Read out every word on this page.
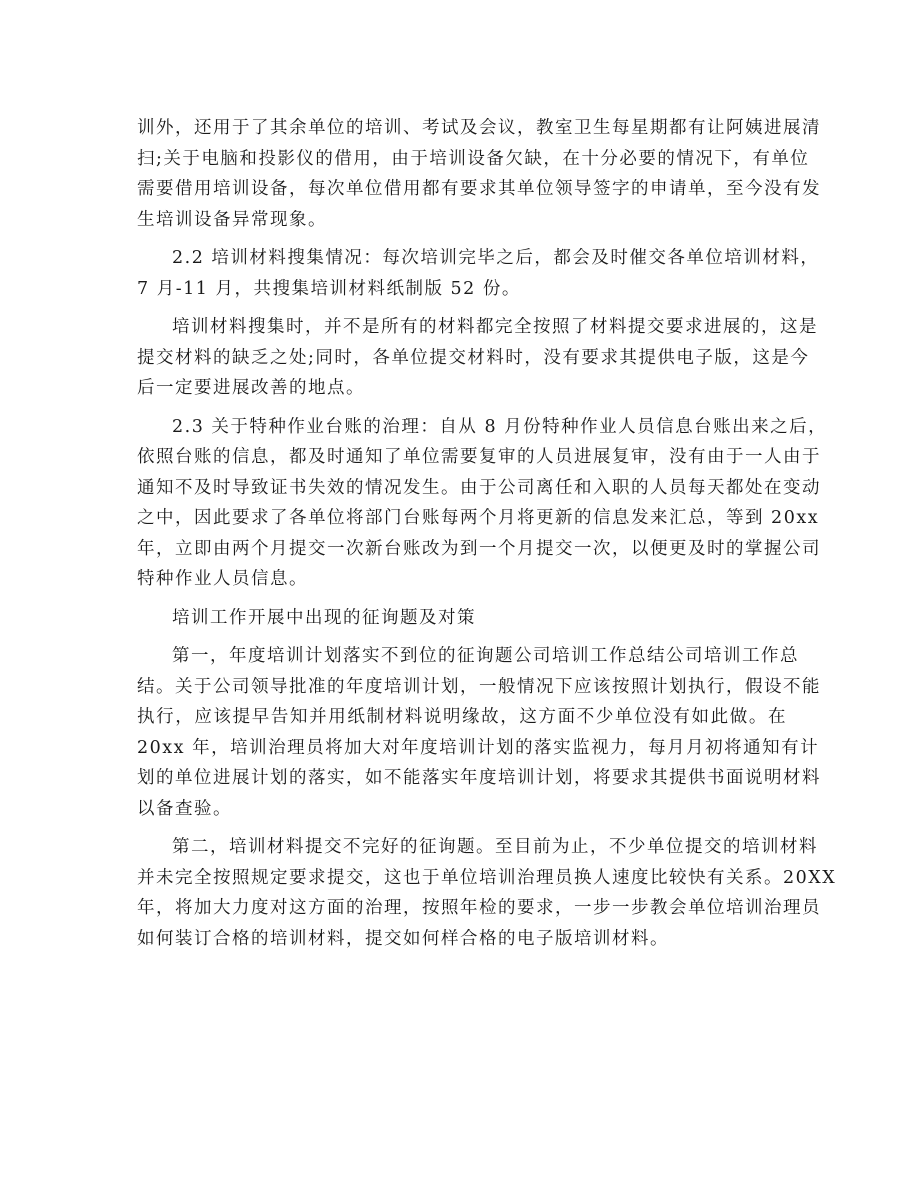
训外，还用于了其余单位的培训、考试及会议，教室卫生每星期都有让阿姨进展清
扫;关于电脑和投影仪的借用，由于培训设备欠缺，在十分必要的情况下，有单位
需要借用培训设备，每次单位借用都有要求其单位领导签字的申请单，至今没有发
生培训设备异常现象。
2.2 培训材料搜集情况：每次培训完毕之后，都会及时催交各单位培训材料，
7 月-11 月，共搜集培训材料纸制版 52 份。
培训材料搜集时，并不是所有的材料都完全按照了材料提交要求进展的，这是
提交材料的缺乏之处;同时，各单位提交材料时，没有要求其提供电子版，这是今
后一定要进展改善的地点。
2.3 关于特种作业台账的治理：自从 8 月份特种作业人员信息台账出来之后，
依照台账的信息，都及时通知了单位需要复审的人员进展复审，没有由于一人由于
通知不及时导致证书失效的情况发生。由于公司离任和入职的人员每天都处在变动
之中，因此要求了各单位将部门台账每两个月将更新的信息发来汇总，等到 20xx
年，立即由两个月提交一次新台账改为到一个月提交一次，以便更及时的掌握公司
特种作业人员信息。
培训工作开展中出现的征询题及对策
第一，年度培训计划落实不到位的征询题公司培训工作总结公司培训工作总
结。关于公司领导批准的年度培训计划，一般情况下应该按照计划执行，假设不能
执行，应该提早告知并用纸制材料说明缘故，这方面不少单位没有如此做。在
20xx 年，培训治理员将加大对年度培训计划的落实监视力，每月月初将通知有计
划的单位进展计划的落实，如不能落实年度培训计划，将要求其提供书面说明材料
以备查验。
第二，培训材料提交不完好的征询题。至目前为止，不少单位提交的培训材料
并未完全按照规定要求提交，这也于单位培训治理员换人速度比较快有关系。20XX
年，将加大力度对这方面的治理，按照年检的要求，一步一步教会单位培训治理员
如何装订合格的培训材料，提交如何样合格的电子版培训材料。
